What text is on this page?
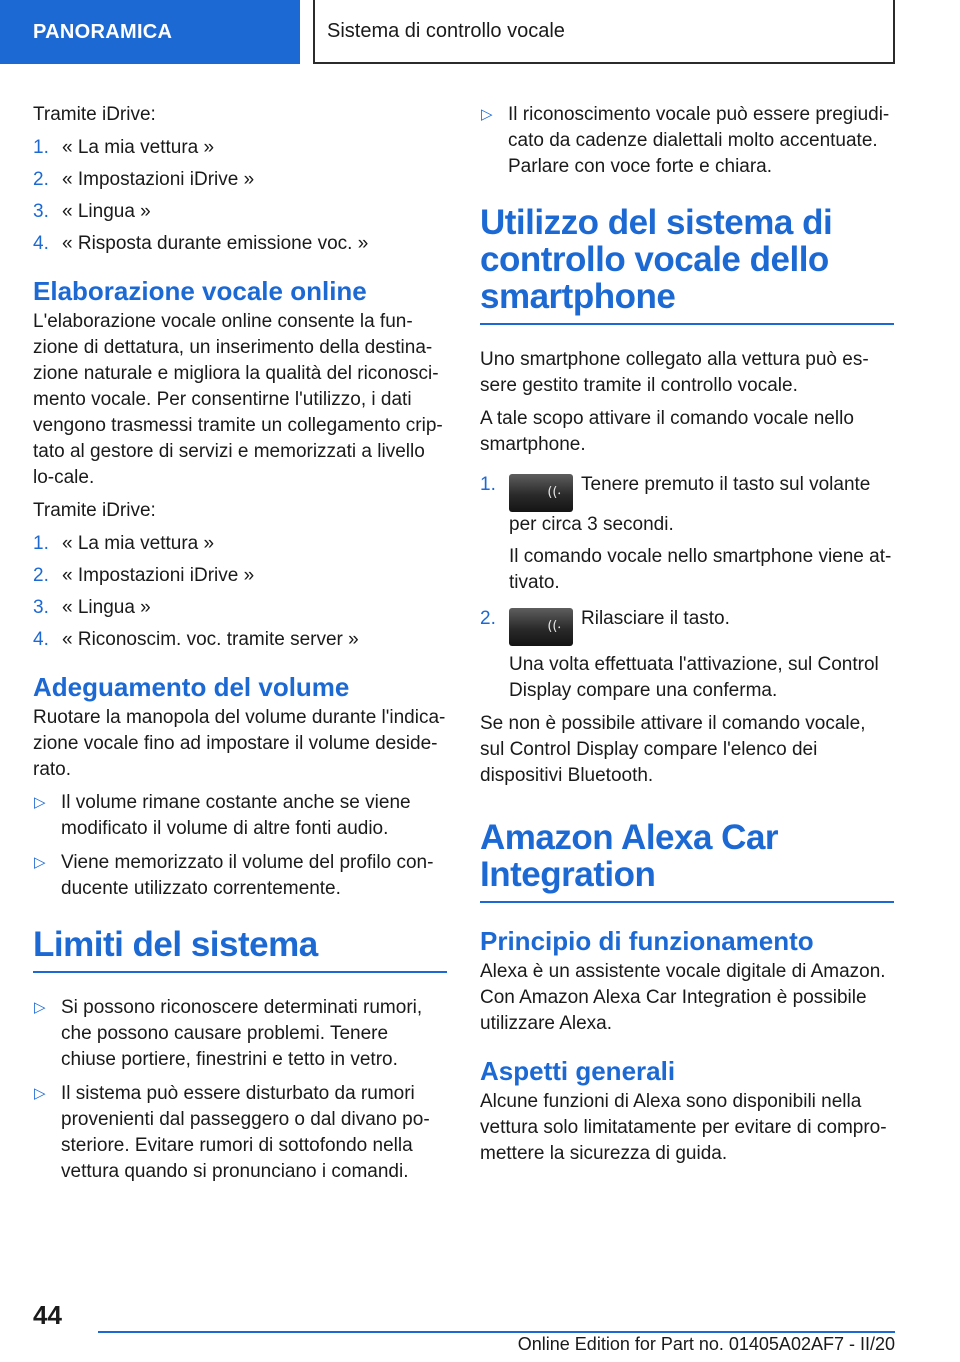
PANORAMICA	Sistema di controllo vocale

Tramite iDrive:

1. « La mia vettura »
2. « Impostazioni iDrive »
3. « Lingua »
4. « Risposta durante emissione voc. »
Elaborazione vocale online

L'elaborazione vocale online consente la fun-zione di dettatura, un inserimento della destina-zione naturale e migliora la qualità del riconosci-mento vocale. Per consentirne l'utilizzo, i dati vengono trasmessi tramite un collegamento crip-tato al gestore di servizi e memorizzati a livello lo-cale.

Tramite iDrive:

1. « La mia vettura »
2. « Impostazioni iDrive »
3. « Lingua »
4. « Riconoscim. voc. tramite server »
Adeguamento del volume

Ruotare la manopola del volume durante l'indica-zione vocale fino ad impostare il volume deside-rato.

▷ Il volume rimane costante anche se viene modificato il volume di altre fonti audio.
▷ Viene memorizzato il volume del profilo con-ducente utilizzato correntemente.
Limiti del sistema
▷ Si possono riconoscere determinati rumori, che possono causare problemi. Tenere chiuse portiere, finestrini e tetto in vetro.
▷ Il sistema può essere disturbato da rumori provenienti dal passeggero o dal divano po-steriore. Evitare rumori di sottofondo nella vettura quando si pronunciano i comandi.
▷ Il riconoscimento vocale può essere pregiudi-cato da cadenze dialettali molto accentuate. Parlare con voce forte e chiara.
Utilizzo del sistema di controllo vocale dello smartphone

Uno smartphone collegato alla vettura può es-sere gestito tramite il controllo vocale.

A tale scopo attivare il comando vocale nello smartphone.

1.	((⸳ Tenere premuto il tasto sul volante per circa 3 secondi.
Il comando vocale nello smartphone viene at-tivato.
2.	((⸳ Rilasciare il tasto.
Una volta effettuata l'attivazione, sul Control Display compare una conferma.

Se non è possibile attivare il comando vocale, sul Control Display compare l'elenco dei dispositivi Bluetooth.

Amazon Alexa Car Integration
Principio di funzionamento

Alexa è un assistente vocale digitale di Amazon. Con Amazon Alexa Car Integration è possibile utilizzare Alexa.

Aspetti generali

Alcune funzioni di Alexa sono disponibili nella vettura solo limitatamente per evitare di compro-mettere la sicurezza di guida.

44
Online Edition for Part no. 01405A02AF7 - II/20
